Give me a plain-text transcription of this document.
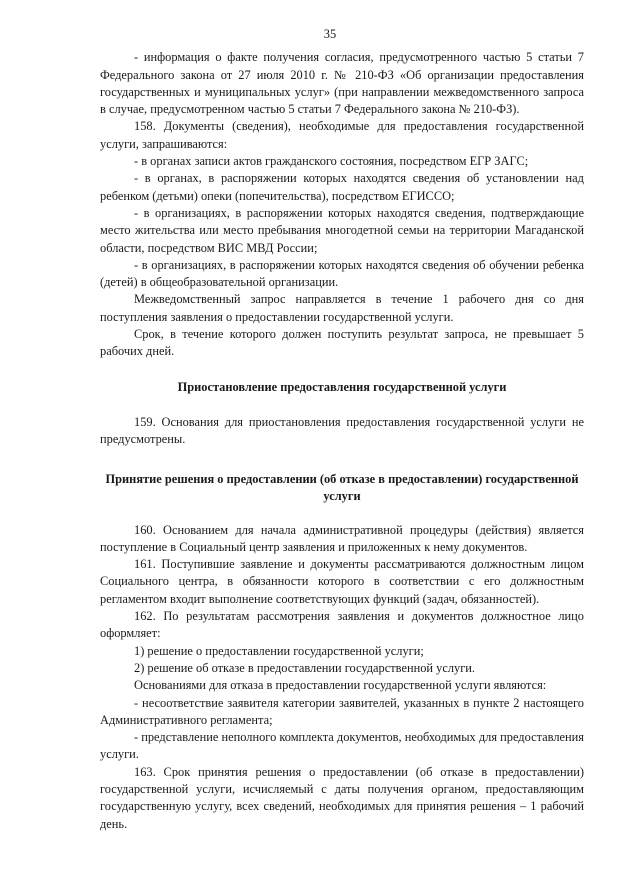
35

- информация о факте получения согласия, предусмотренного частью 5 статьи 7 Федерального закона от 27 июля 2010 г. № 210-ФЗ «Об организации предоставления государственных и муниципальных услуг» (при направлении межведомственного запроса в случае, предусмотренном частью 5 статьи 7 Федерального закона № 210-ФЗ).

158. Документы (сведения), необходимые для предоставления государственной услуги, запрашиваются:

- в органах записи актов гражданского состояния, посредством ЕГР ЗАГС;

- в органах, в распоряжении которых находятся сведения об установлении над ребенком (детьми) опеки (попечительства), посредством ЕГИССО;

- в организациях, в распоряжении которых находятся сведения, подтверждающие место жительства или место пребывания многодетной семьи на территории Магаданской области, посредством ВИС МВД России;

- в организациях, в распоряжении которых находятся сведения об обучении ребенка (детей) в общеобразовательной организации.

Межведомственный запрос направляется в течение 1 рабочего дня со дня поступления заявления о предоставлении государственной услуги.

Срок, в течение которого должен поступить результат запроса, не превышает 5 рабочих дней.

Приостановление предоставления государственной услуги

159. Основания для приостановления предоставления государственной услуги не предусмотрены.

Принятие решения о предоставлении (об отказе в предоставлении) государственной услуги

160. Основанием для начала административной процедуры (действия) является поступление в Социальный центр заявления и приложенных к нему документов.

161. Поступившие заявление и документы рассматриваются должностным лицом Социального центра, в обязанности которого в соответствии с его должностным регламентом входит выполнение соответствующих функций (задач, обязанностей).

162. По результатам рассмотрения заявления и документов должностное лицо оформляет:

1) решение о предоставлении государственной услуги;

2) решение об отказе в предоставлении государственной услуги.

Основаниями для отказа в предоставлении государственной услуги являются:

- несоответствие заявителя категории заявителей, указанных в пункте 2 настоящего Административного регламента;

- представление неполного комплекта документов, необходимых для предоставления услуги.

163. Срок принятия решения о предоставлении (об отказе в предоставлении) государственной услуги, исчисляемый с даты получения органом, предоставляющим государственную услугу, всех сведений, необходимых для принятия решения – 1 рабочий день.
